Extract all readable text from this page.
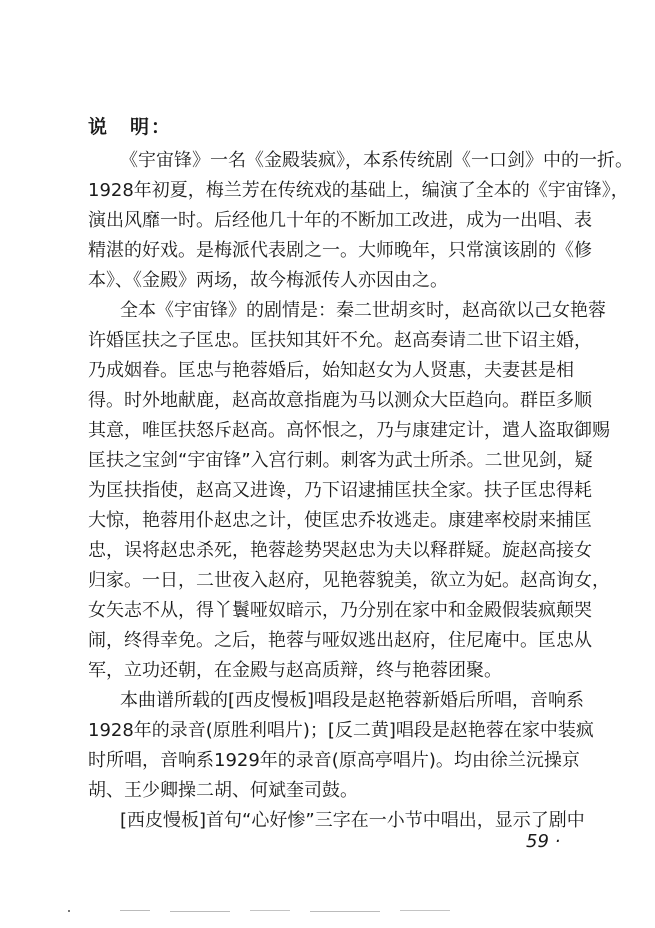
说　明：
《宇宙锋》一名《金殿装疯》，本系传统剧《一口剑》中的一折。
1928年初夏，梅兰芳在传统戏的基础上，编演了全本的《宇宙锋》，
演出风靡一时。后经他几十年的不断加工改进，成为一出唱、表
精湛的好戏。是梅派代表剧之一。大师晚年，只常演该剧的《修
本》、《金殿》两场，故今梅派传人亦因由之。
全本《宇宙锋》的剧情是：秦二世胡亥时，赵高欲以己女艳蓉
许婚匡扶之子匡忠。匡扶知其奸不允。赵高奏请二世下诏主婚，
乃成姻眷。匡忠与艳蓉婚后，始知赵女为人贤惠，夫妻甚是相
得。时外地献鹿，赵高故意指鹿为马以测众大臣趋向。群臣多顺
其意，唯匡扶怒斥赵高。高怀恨之，乃与康建定计，遣人盗取御赐
匡扶之宝剑“宇宙锋”入宫行刺。刺客为武士所杀。二世见剑，疑
为匡扶指使，赵高又进谗，乃下诏逮捕匡扶全家。扶子匡忠得耗
大惊，艳蓉用仆赵忠之计，使匡忠乔妆逃走。康建率校尉来捕匡
忠，误将赵忠杀死，艳蓉趁势哭赵忠为夫以释群疑。旋赵高接女
归家。一日，二世夜入赵府，见艳蓉貌美，欲立为妃。赵高询女，
女矢志不从，得丫鬟哑奴暗示，乃分别在家中和金殿假装疯颠哭
闹，终得幸免。之后，艳蓉与哑奴逃出赵府，住尼庵中。匡忠从
军，立功还朝，在金殿与赵高质辩，终与艳蓉团聚。
本曲谱所载的[西皮慢板]唱段是赵艳蓉新婚后所唱，音响系
1928年的录音(原胜利唱片)；[反二黄]唱段是赵艳蓉在家中装疯
时所唱，音响系1929年的录音(原高亭唱片)。均由徐兰沅操京
胡、王少卿操二胡、何斌奎司鼓。
[西皮慢板]首句“心好惨”三字在一小节中唱出，显示了剧中
59 ·
